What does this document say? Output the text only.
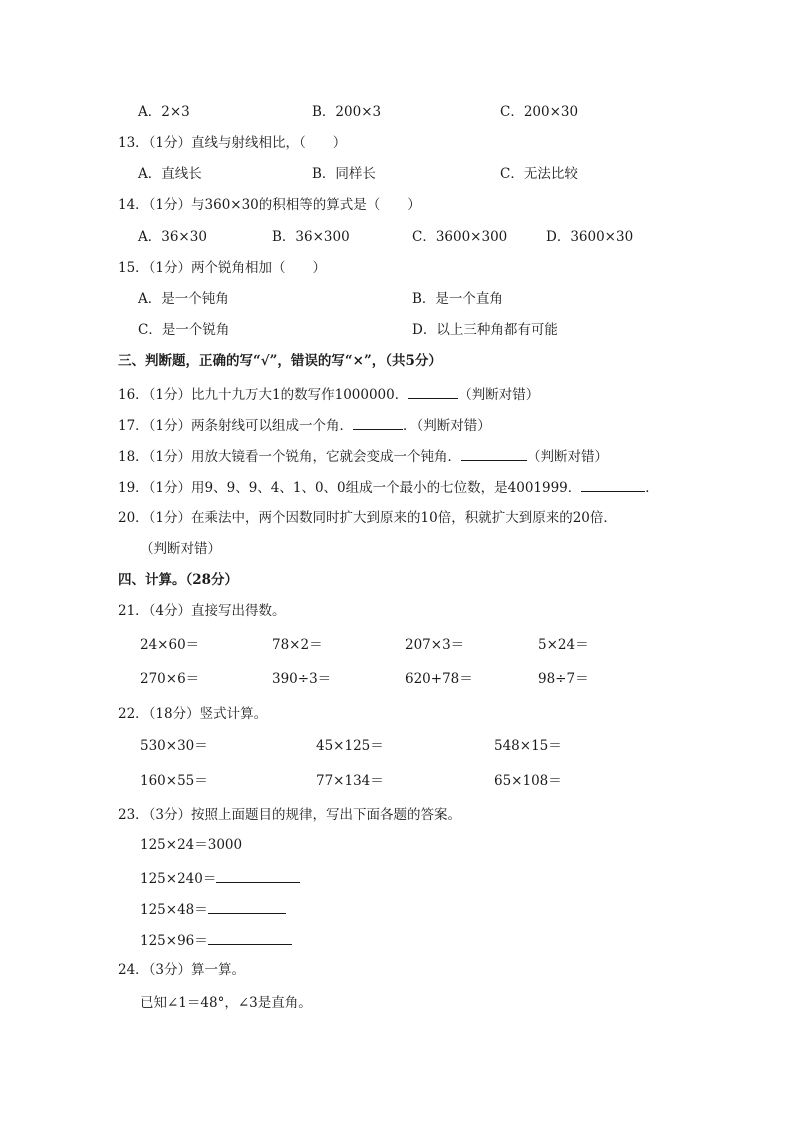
A．2×3	B．200×3	C．200×30
13．（1分）直线与射线相比，（　　）
A．直线长	B．同样长	C．无法比较
14．（1分）与360×30的积相等的算式是（　　）
A．36×30	B．36×300	C．3600×300	D．3600×30
15．（1分）两个锐角相加（　　）
A．是一个钝角	B．是一个直角
C．是一个锐角	D．以上三种角都有可能
三、判断题，正确的写“√”，错误的写“×”，（共5分）
16．（1分）比九十九万大1的数写作1000000．	（判断对错）
17．（1分）两条射线可以组成一个角．	．（判断对错）
18．（1分）用放大镜看一个锐角，它就会变成一个钝角．	（判断对错）
19．（1分）用9、9、9、4、1、0、0组成一个最小的七位数，是4001999．	．
20．（1分）在乘法中，两个因数同时扩大到原来的10倍，积就扩大到原来的20倍．
（判断对错）
四、计算。（28分）
21．（4分）直接写出得数。
24×60＝	78×2＝	207×3＝	5×24＝
270×6＝	390÷3＝	620+78＝	98÷7＝
22．（18分）竖式计算。
530×30＝	45×125＝	548×15＝
160×55＝	77×134＝	65×108＝
23．（3分）按照上面题目的规律，写出下面各题的答案。
125×24＝3000
125×240＝
125×48＝
125×96＝
24．（3分）算一算。
已知∠1＝48°，∠3是直角。
